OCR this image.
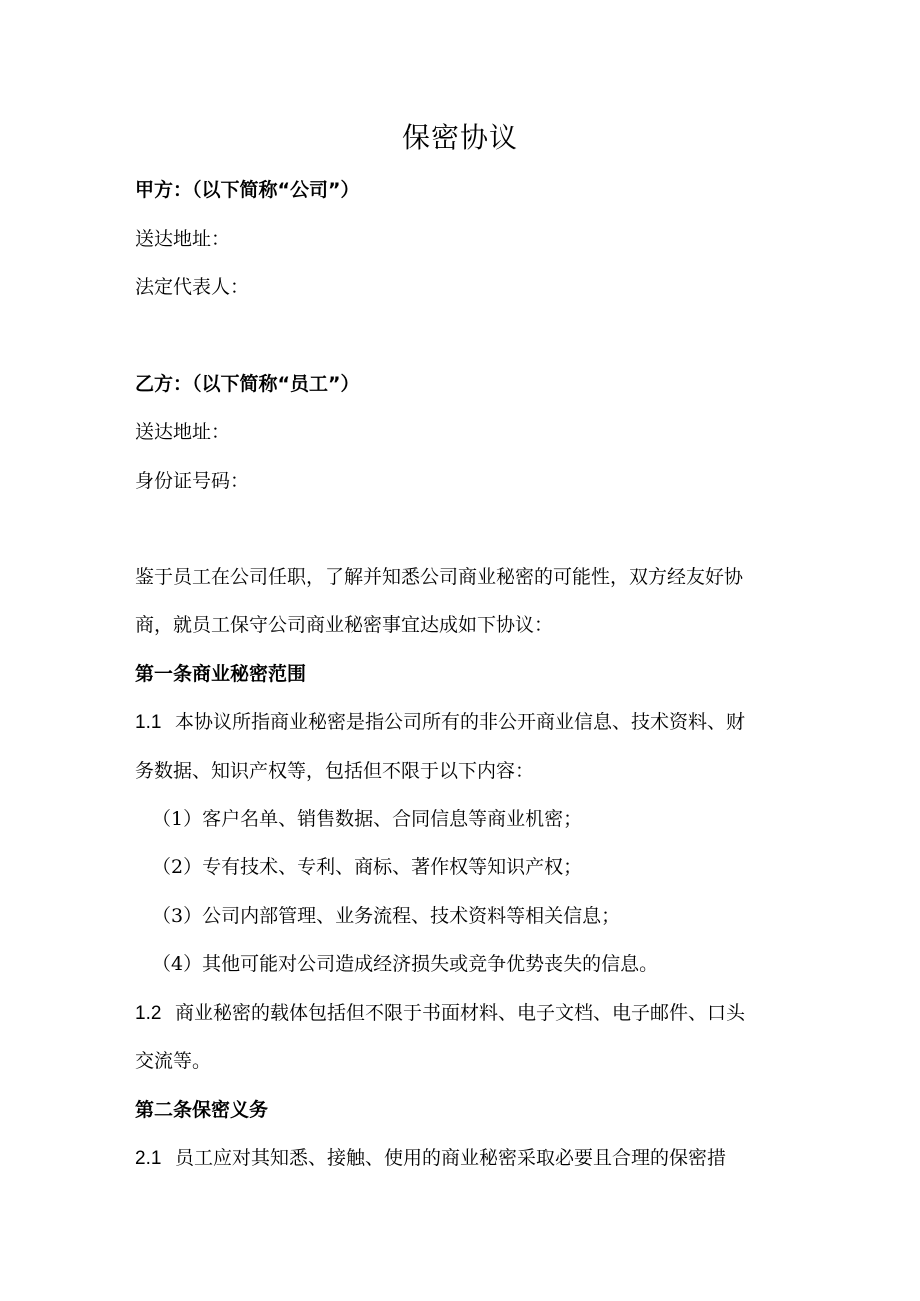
保密协议
甲方：（以下简称“公司”）
送达地址：
法定代表人：
乙方：（以下简称“员工”）
送达地址：
身份证号码：
鉴于员工在公司任职，了解并知悉公司商业秘密的可能性，双方经友好协
商，就员工保守公司商业秘密事宜达成如下协议：
第一条商业秘密范围
1.1 本协议所指商业秘密是指公司所有的非公开商业信息、技术资料、财
务数据、知识产权等，包括但不限于以下内容：
（1）客户名单、销售数据、合同信息等商业机密；
（2）专有技术、专利、商标、著作权等知识产权；
（3）公司内部管理、业务流程、技术资料等相关信息；
（4）其他可能对公司造成经济损失或竞争优势丧失的信息。
1.2 商业秘密的载体包括但不限于书面材料、电子文档、电子邮件、口头
交流等。
第二条保密义务
2.1 员工应对其知悉、接触、使用的商业秘密采取必要且合理的保密措
